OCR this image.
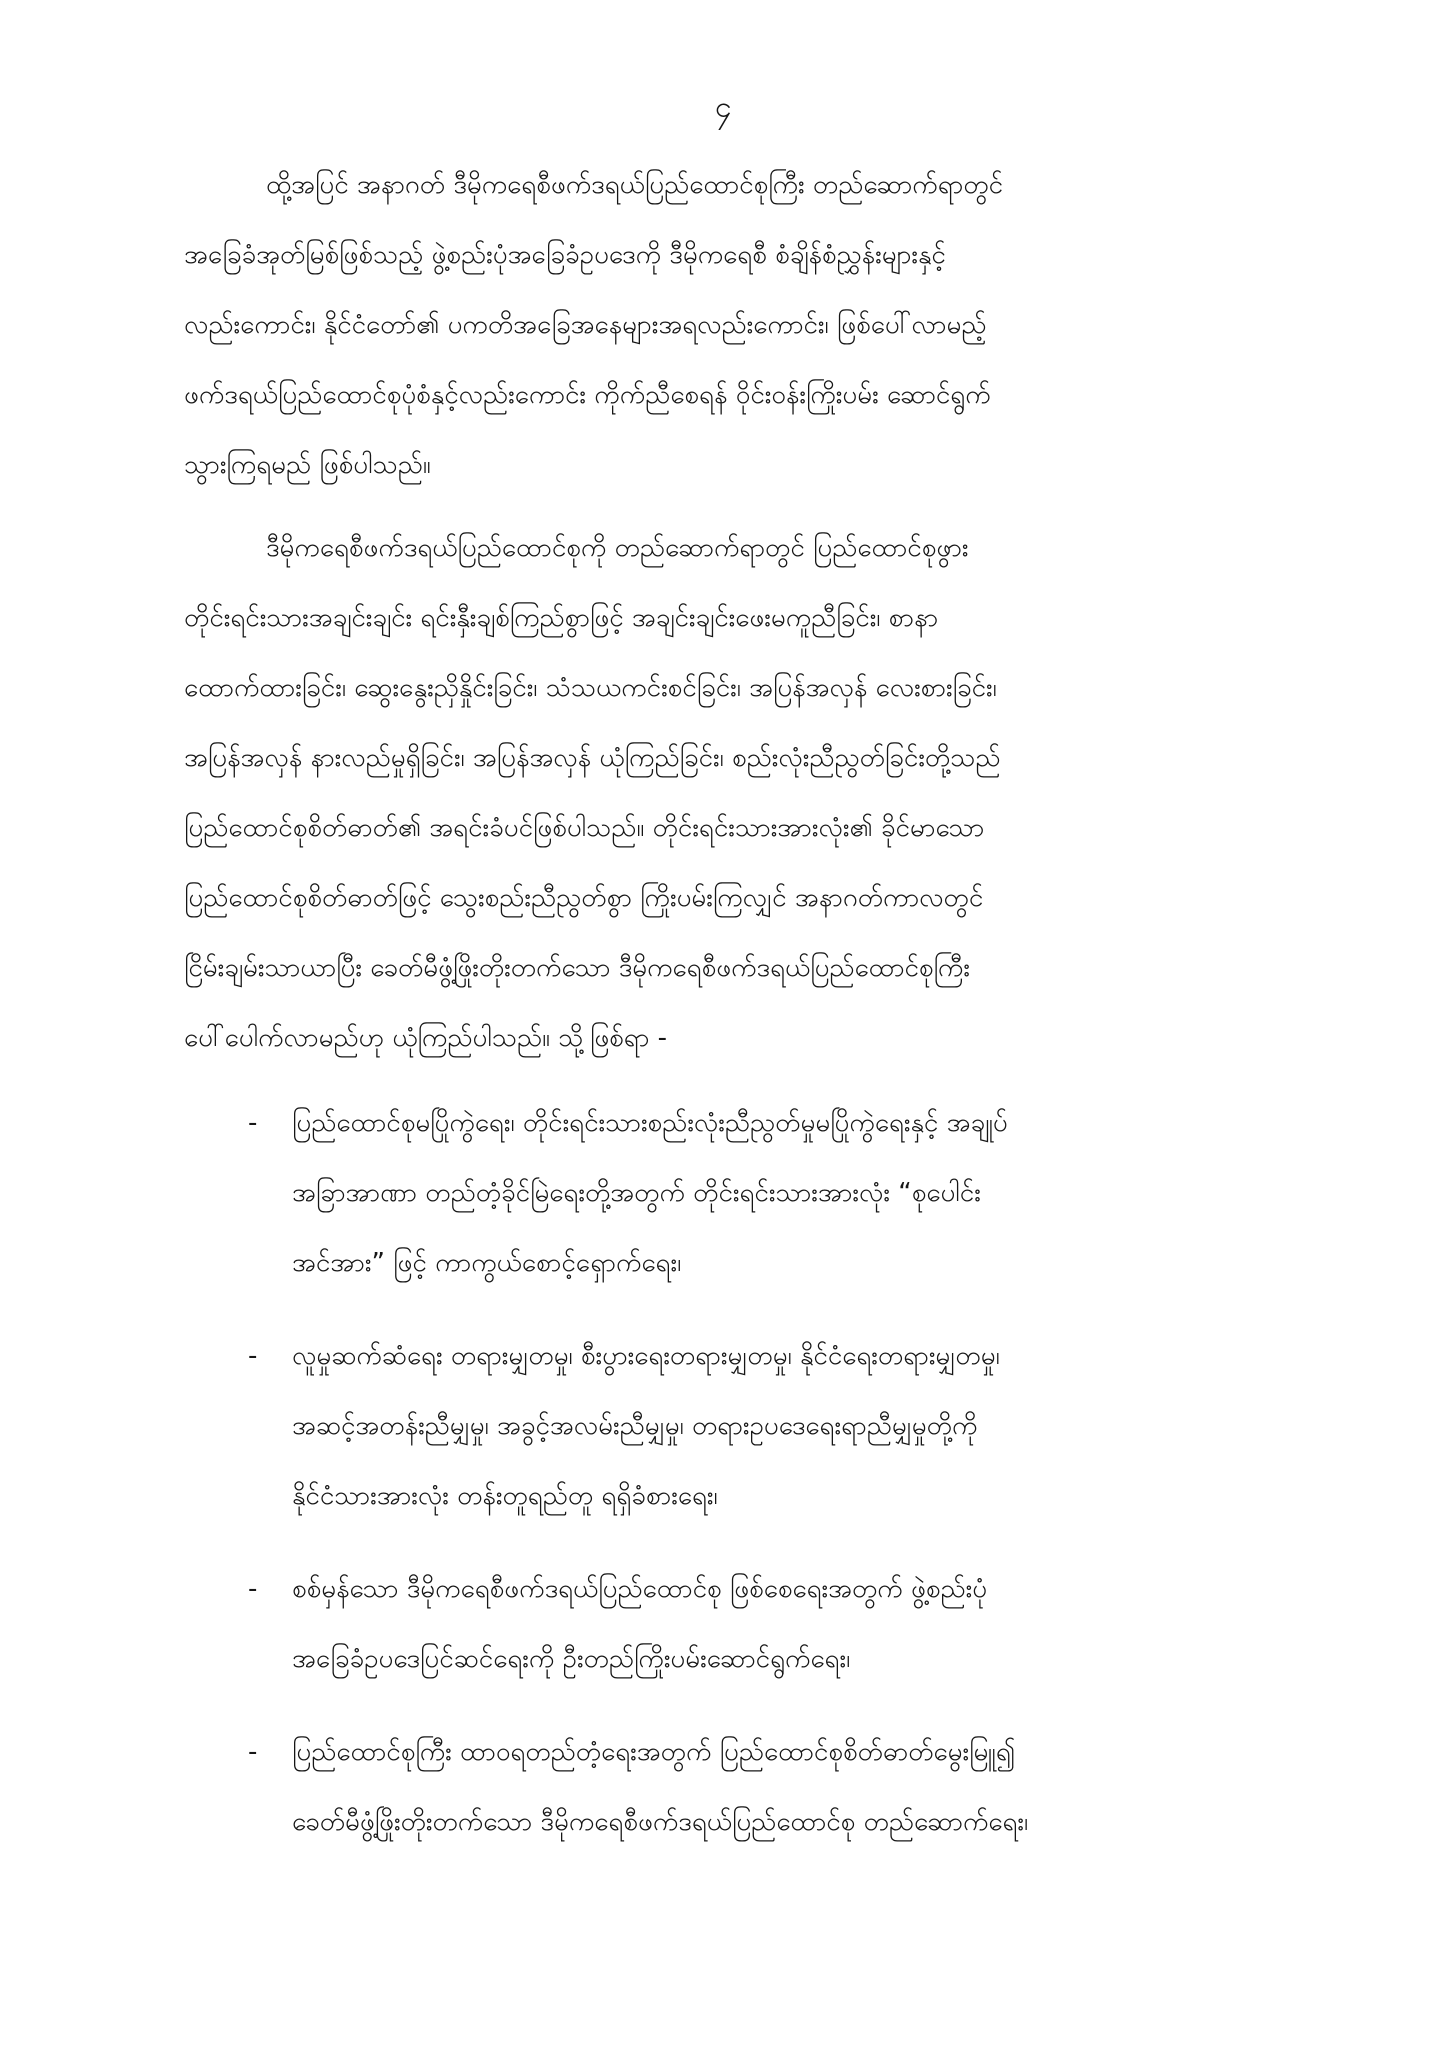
၄
ထို့အပြင် အနာဂတ် ဒီမိုကရေစီဖက်ဒရယ်ပြည်ထောင်စုကြီး တည်ဆောက်ရာတွင်
အခြေခံအုတ်မြစ်ဖြစ်သည့် ဖွဲ့စည်းပုံအခြေခံဥပဒေကို ဒီမိုကရေစီ စံချိန်စံညွှန်းများနှင့်
လည်းကောင်း၊ နိုင်ငံတော်၏ ပကတိအခြေအနေများအရလည်းကောင်း၊ ဖြစ်ပေါ်လာမည့်
ဖက်ဒရယ်ပြည်ထောင်စုပုံစံနှင့်လည်းကောင်း ကိုက်ညီစေရန် ဝိုင်းဝန်းကြိုးပမ်း ဆောင်ရွက်
သွားကြရမည် ဖြစ်ပါသည်။
ဒီမိုကရေစီဖက်ဒရယ်ပြည်ထောင်စုကို တည်ဆောက်ရာတွင် ပြည်ထောင်စုဖွား
တိုင်းရင်းသားအချင်းချင်း ရင်းနှီးချစ်ကြည်စွာဖြင့် အချင်းချင်းဖေးမကူညီခြင်း၊ စာနာ
ထောက်ထားခြင်း၊ ဆွေးနွေးညှိနှိုင်းခြင်း၊ သံသယကင်းစင်ခြင်း၊ အပြန်အလှန် လေးစားခြင်း၊
အပြန်အလှန် နားလည်မှုရှိခြင်း၊ အပြန်အလှန် ယုံကြည်ခြင်း၊ စည်းလုံးညီညွတ်ခြင်းတို့သည်
ပြည်ထောင်စုစိတ်ဓာတ်၏ အရင်းခံပင်ဖြစ်ပါသည်။ တိုင်းရင်းသားအားလုံး၏ ခိုင်မာသော
ပြည်ထောင်စုစိတ်ဓာတ်ဖြင့် သွေးစည်းညီညွတ်စွာ ကြိုးပမ်းကြလျှင် အနာဂတ်ကာလတွင်
ငြိမ်းချမ်းသာယာပြီး ခေတ်မီဖွံ့ဖြိုးတိုးတက်သော ဒီမိုကရေစီဖက်ဒရယ်ပြည်ထောင်စုကြီး
ပေါ်ပေါက်လာမည်ဟု ယုံကြည်ပါသည်။ သို့ဖြစ်ရာ -
- ပြည်ထောင်စုမပြိုကွဲရေး၊ တိုင်းရင်းသားစည်းလုံးညီညွတ်မှုမပြိုကွဲရေးနှင့် အချုပ်
အခြာအာဏာ တည်တံ့ခိုင်မြဲရေးတို့အတွက် တိုင်းရင်းသားအားလုံး “စုပေါင်း
အင်အား” ဖြင့် ကာကွယ်စောင့်ရှောက်ရေး၊
- လူမှုဆက်ဆံရေး တရားမျှတမှု၊ စီးပွားရေးတရားမျှတမှု၊ နိုင်ငံရေးတရားမျှတမှု၊
အဆင့်အတန်းညီမျှမှု၊ အခွင့်အလမ်းညီမျှမှု၊ တရားဥပဒေရေးရာညီမျှမှုတို့ကို
နိုင်ငံသားအားလုံး တန်းတူရည်တူ ရရှိခံစားရေး၊
- စစ်မှန်သော ဒီမိုကရေစီဖက်ဒရယ်ပြည်ထောင်စု ဖြစ်စေရေးအတွက် ဖွဲ့စည်းပုံ
အခြေခံဥပဒေပြင်ဆင်ရေးကို ဦးတည်ကြိုးပမ်းဆောင်ရွက်ရေး၊
- ပြည်ထောင်စုကြီး ထာဝရတည်တံ့ရေးအတွက် ပြည်ထောင်စုစိတ်ဓာတ်မွေးမြူ၍
ခေတ်မီဖွံ့ဖြိုးတိုးတက်သော ဒီမိုကရေစီဖက်ဒရယ်ပြည်ထောင်စု တည်ဆောက်ရေး၊
